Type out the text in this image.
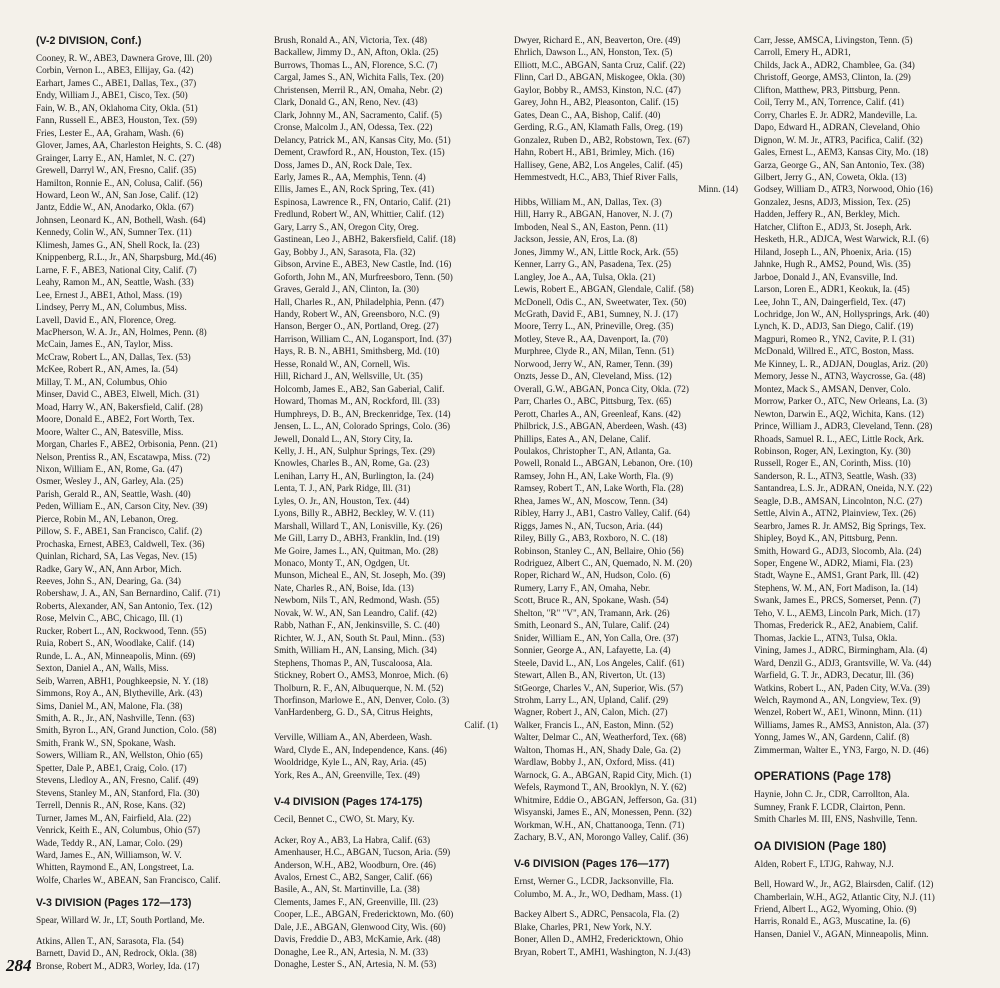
(V-2 DIVISION, Conf.)
Cooney, R. W., ABE3, Dawnera Grove, Ill. (20)
Corbin, Vernon L., ABE3, Ellijay, Ga. (42)
Earhart, James C., ABE1, Dallas, Tex., (37)
Endy, William J., ABE1, Cisco, Tex. (50)
Fain, W. B., AN, Oklahoma City, Okla. (51)
Fann, Russell E., ABE3, Houston, Tex. (59)
Fries, Lester E., AA, Graham, Wash. (6)
Glover, James, AA, Charleston Heights, S. C. (48)
Grainger, Larry E., AN, Hamlet, N. C. (27)
Grewell, Darryl W., AN, Fresno, Calif. (35)
Hamilton, Ronnie E., AN, Colusa, Calif. (56)
Howard, Leon W., AN, San Jose, Calif. (12)
Jantz, Eddie W., AN, Anodarko, Okla. (67)
Johnsen, Leonard K., AN, Bothell, Wash. (64)
Kennedy, Colin W., AN, Sumner Tex. (11)
Klimesh, James G., AN, Shell Rock, Ia. (23)
Knippenberg, R.L., Jr., AN, Sharpsburg, Md.(46)
Larne, F. F., ABE3, National City, Calif. (7)
Leahy, Ramon M., AN, Seattle, Wash. (33)
Lee, Ernest J., ABE1, Athol, Mass. (19)
Lindsey, Perry M., AN, Columbus, Miss.
Lavell, David E., AN, Florence, Oreg.
MacPherson, W. A. Jr., AN, Holmes, Penn. (8)
McCain, James E., AN, Taylor, Miss.
McCraw, Robert L., AN, Dallas, Tex. (53)
McKee, Robert R., AN, Ames, Ia. (54)
Millay, T. M., AN, Columbus, Ohio
Minser, David C., ABE3, Elwell, Mich. (31)
Moad, Harry W., AN, Bakersfield, Calif. (28)
Moore, Donald E., ABE2, Fort Worth, Tex.
Moore, Walter C., AN, Batesville, Miss.
Morgan, Charles F., ABE2, Orbisonia, Penn. (21)
Nelson, Prentiss R., AN, Escatawpa, Miss. (72)
Nixon, William E., AN, Rome, Ga. (47)
Osmer, Wesley J., AN, Garley, Ala. (25)
Parish, Gerald R., AN, Seattle, Wash. (40)
Peden, William E., AN, Carson City, Nev. (39)
Pierce, Robin M., AN, Lebanon, Oreg.
Pillow, S. F., ABE1, San Francisco, Calif. (2)
Prochaska, Ernest, ABE3, Caldwell, Tex. (36)
Quinlan, Richard, SA, Las Vegas, Nev. (15)
Radke, Gary W., AN, Ann Arbor, Mich.
Reeves, John S., AN, Dearing, Ga. (34)
Robershaw, J. A., AN, San Bernardino, Calif. (71)
Roberts, Alexander, AN, San Antonio, Tex. (12)
Rose, Melvin C., ABC, Chicago, Ill. (1)
Rucker, Robert L., AN, Rockwood, Tenn. (55)
Ruia, Robert S., AN, Woodlake, Calif. (14)
Runde, L. A., AN, Minneapolis, Minn. (69)
Sexton, Daniel A., AN, Walls, Miss.
Seib, Warren, ABH1, Poughkeepsie, N. Y. (18)
Simmons, Roy A., AN, Blytheville, Ark. (43)
Sims, Daniel M., AN, Malone, Fla. (38)
Smith, A. R., Jr., AN, Nashville, Tenn. (63)
Smith, Byron L., AN, Grand Junction, Colo. (58)
Smith, Frank W., SN, Spokane, Wash.
Sowers, William R., AN, Wellston, Ohio (65)
Spetter, Dale P., ABE1, Craig, Colo. (17)
Stevens, Lledloy A., AN, Fresno, Calif. (49)
Stevens, Stanley M., AN, Stanford, Fla. (30)
Terrell, Dennis R., AN, Rose, Kans. (32)
Turner, James M., AN, Fairfield, Ala. (22)
Venrick, Keith E., AN, Columbus, Ohio (57)
Wade, Teddy R., AN, Lamar, Colo. (29)
Ward, James E., AN, Williamson, W. V.
Whitten, Raymond E., AN, Longstreet, La.
Wolfe, Charles W., ABEAN, San Francisco, Calif.
V-3 DIVISION (Pages 172—173)
Spear, Willard W. Jr., LT, South Portland, Me.
Atkins, Allen T., AN, Sarasota, Fla. (54)
Barnett, David D., AN, Redrock, Okla. (38)
Bronse, Robert M., ADR3, Worley, Ida. (17)
Brush, Ronald A., AN, Victoria, Tex. (48)
Backallew, Jimmy D., AN, Afton, Okla. (25)
Burrows, Thomas L., AN, Florence, S.C. (7)
Cargal, James S., AN, Wichita Falls, Tex. (20)
Christensen, Merril R., AN, Omaha, Nebr. (2)
Clark, Donald G., AN, Reno, Nev. (43)
Clark, Johnny M., AN, Sacramento, Calif. (5)
Cronse, Malcolm J., AN, Odessa, Tex. (22)
Delancy, Patrick M., AN, Kansas City, Mo. (51)
Dement, Crawford R., AN, Houston, Tex. (15)
Doss, James D., AN, Rock Dale, Tex.
Early, James R., AA, Memphis, Tenn. (4)
Ellis, James E., AN, Rock Spring, Tex. (41)
Espinosa, Lawrence R., FN, Ontario, Calif. (21)
Fredlund, Robert W., AN, Whittier, Calif. (12)
Gary, Larry S., AN, Oregon City, Oreg.
Gastinean, Leo J., ABH2, Bakersfield, Calif. (18)
Gay, Bobby J., AN, Sarasota, Fla. (32)
Gibson, Arvine E., ABE3, New Castle, Ind. (16)
Goforth, John M., AN, Murfreesboro, Tenn. (50)
Graves, Gerald J., AN, Clinton, Ia. (30)
Hall, Charles R., AN, Philadelphia, Penn. (47)
Handy, Robert W., AN, Greensboro, N.C. (9)
Hanson, Berger O., AN, Portland, Oreg. (27)
Harrison, William C., AN, Logansport, Ind. (37)
Hays, R. B. N., ABH1, Smithsberg, Md. (10)
Hesse, Ronald W., AN, Cornell, Wis.
Hill, Richard J., AN, Wellsville, Ut. (35)
Holcomb, James E., AB2, San Gaberial, Calif.
Howard, Thomas M., AN, Rockford, Ill. (33)
Humphreys, D. B., AN, Breckenridge, Tex. (14)
Jensen, L. L., AN, Colorado Springs, Colo. (36)
Jewell, Donald L., AN, Story City, Ia.
Kelly, J. H., AN, Sulphur Springs, Tex. (29)
Knowles, Charles B., AN, Rome, Ga. (23)
Lenihan, Larry H., AN, Burlington, Ia. (24)
Lenta, T. J., AN, Park Ridge, Ill. (31)
Lyles, O. Jr., AN, Houston, Tex. (44)
Lyons, Billy R., ABH2, Beckley, W. V. (11)
Marshall, Willard T., AN, Lonisville, Ky. (26)
Me Gill, Larry D., ABH3, Franklin, Ind. (19)
Me Goire, James L., AN, Quitman, Mo. (28)
Monaco, Monty T., AN, Ogdgen, Ut.
Munson, Micheal E., AN, St. Joseph, Mo. (39)
Nate, Charles R., AN, Boise, Ida. (13)
Newbom, Nils T., AN, Redmond, Wash. (55)
Novak, W. W., AN, San Leandro, Calif. (42)
Rabb, Nathan F., AN, Jenkinsville, S. C. (40)
Richter, W. J., AN, South St. Paul, Minn.. (53)
Smith, William H., AN, Lansing, Mich. (34)
Stephens, Thomas P., AN, Tuscaloosa, Ala.
Stickney, Robert O., AMS3, Monroe, Mich. (6)
Tholburn, R. F., AN, Albuquerque, N. M. (52)
Thorfinson, Marlowe E., AN, Denver, Colo. (3)
VanHardenberg, G. D., SA, Citrus Heights,
Calif. (1)
Verville, William A., AN, Aberdeen, Wash.
Ward, Clyde E., AN, Independence, Kans. (46)
Wooldridge, Kyle L., AN, Ray, Aria. (45)
York, Res A., AN, Greenville, Tex. (49)
V-4 DIVISION (Pages 174-175)
Cecil, Bennet C., CWO, St. Mary, Ky.
Acker, Roy A., AB3, La Habra, Calif. (63)
Amenhauser, H.C., ABGAN, Tucson, Aria. (59)
Anderson, W.H., AB2, Woodburn, Ore. (46)
Avalos, Ernest C., AB2, Sanger, Calif. (66)
Basile, A., AN, St. Martinville, La. (38)
Clements, James F., AN, Greenville, Ill. (23)
Cooper, L.E., ABGAN, Fredericktown, Mo. (60)
Dale, J.E., ABGAN, Glenwood City, Wis. (60)
Davis, Freddie D., AB3, McKamie, Ark. (48)
Donaghe, Lee R., AN, Artesia, N. M. (33)
Donaghe, Lester S., AN, Artesia, N. M. (53)
Dwyer, Richard E., AN, Beaverton, Ore. (49)
Ehrlich, Dawson L., AN, Honston, Tex. (5)
Elliott, M.C., ABGAN, Santa Cruz, Calif. (22)
Flinn, Carl D., ABGAN, Miskogee, Okla. (30)
Gaylor, Bobby R., AMS3, Kinston, N.C. (47)
Garey, John H., AB2, Pleasonton, Calif. (15)
Gates, Dean C., AA, Bishop, Calif. (40)
Gerding, R.G., AN, Klamath Falls, Oreg. (19)
Gonzalez, Ruben D., AB2, Robstown, Tex. (67)
Hahn, Robert H., AB1, Brimley, Mich. (16)
Hallisey, Gene, AB2, Los Angeles, Calif. (45)
Hemmestvedt, H.C., AB3, Thief River Falls,
Minn. (14)
Hibbs, William M., AN, Dallas, Tex. (3)
Hill, Harry R., ABGAN, Hanover, N. J. (7)
Imboden, Neal S., AN, Easton, Penn. (11)
Jackson, Jessie, AN, Eros, La. (8)
Jones, Jimmy W., AN, Little Rock, Ark. (55)
Kenner, Larry G., AN, Pasadena, Tex. (25)
Langley, Joe A., AA, Tulsa, Okla. (21)
Lewis, Robert E., ABGAN, Glendale, Calif. (58)
McDonell, Odis C., AN, Sweetwater, Tex. (50)
McGrath, David F., AB1, Sumney, N. J. (17)
Moore, Terry L., AN, Prineville, Oreg. (35)
Motley, Steve R., AA, Davenport, Ia. (70)
Murphree, Clyde R., AN, Milan, Tenn. (51)
Norwood, Jerry W., AN, Ramer, Tenn. (39)
Onzts, Jesse D., AN, Cleveland, Miss. (12)
Overall, G.W., ABGAN, Ponca City, Okla. (72)
Parr, Charles O., ABC, Pittsburg, Tex. (65)
Perott, Charles A., AN, Greenleaf, Kans. (42)
Philbrick, J.S., ABGAN, Aberdeen, Wash. (43)
Phillips, Eates A., AN, Delane, Calif.
Poulakos, Christopher T., AN, Atlanta, Ga.
Powell, Ronald L., ABGAN, Lebanon, Ore. (10)
Ramsey, John H., AN, Lake Worth, Fla. (9)
Ramsey, Robert T., AN, Lake Worth, Fla. (28)
Rhea, James W., AN, Moscow, Tenn. (34)
Ribley, Harry J., AB1, Castro Valley, Calif. (64)
Riggs, James N., AN, Tucson, Aria. (44)
Riley, Billy G., AB3, Roxboro, N. C. (18)
Robinson, Stanley C., AN, Bellaire, Ohio (56)
Rodriguez, Albert C., AN, Quemado, N. M. (20)
Roper, Richard W., AN, Hudson, Colo. (6)
Rumery, Larry F., AN, Omaha, Nebr.
Scott, Bruce R., AN, Spokane, Wash. (54)
Shelton, "R" "V", AN, Tramann, Ark. (26)
Smith, Leonard S., AN, Tulare, Calif. (24)
Snider, William E., AN, Yon Calla, Ore. (37)
Sonnier, George A., AN, Lafayette, La. (4)
Steele, David L., AN, Los Angeles, Calif. (61)
Stewart, Allen B., AN, Riverton, Ut. (13)
StGeorge, Charles V., AN, Superior, Wis. (57)
Strohm, Larry L., AN, Upland, Calif. (29)
Wagner, Robert J., AN, Calon, Mich. (27)
Walker, Francis L., AN, Easton, Minn. (52)
Walter, Delmar C., AN, Weatherford, Tex. (68)
Walton, Thomas H., AN, Shady Dale, Ga. (2)
Wardlaw, Bobby J., AN, Oxford, Miss. (41)
Warnock, G. A., ABGAN, Rapid City, Mich. (1)
Wefels, Raymond T., AN, Brooklyn, N. Y. (62)
Whitmire, Eddie O., ABGAN, Jefferson, Ga. (31)
Wisyanski, James E., AN, Monessen, Penn. (32)
Workman, W.H., AN, Chattanooga, Tenn. (71)
Zachary, B.V., AN, Morongo Valley, Calif. (36)
V-6 DIVISION (Pages 176—177)
Ernst, Werner G., LCDR, Jacksonville, Fla.
Columbo, M. A., Jr., WO, Dedham, Mass. (1)
Backey Albert S., ADRC, Pensacola, Fla. (2)
Blake, Charles, PR1, New York, N.Y.
Boner, Allen D., AMH2, Fredericktown, Ohio
Bryan, Robert T., AMH1, Washington, N. J.(43)
Carr, Jesse, AMSCA, Livingston, Tenn. (5)
Carroll, Emery H., ADR1,
Childs, Jack A., ADR2, Chamblee, Ga. (34)
Christoff, George, AMS3, Clinton, Ia. (29)
Clifton, Matthew, PR3, Pittsburg, Penn.
Coil, Terry M., AN, Torrence, Calif. (41)
Corry, Charles E. Jr. ADR2, Mandeville, La.
Dapo, Edward H., ADRAN, Cleveland, Ohio
Dignon, W. M. Jr., ATR3, Pacifica, Calif. (32)
Gales, Ernest L., AEM3, Kansas City, Mo. (18)
Garza, George G., AN, San Antonio, Tex. (38)
Gilbert, Jerry G., AN, Coweta, Okla. (13)
Godsey, William D., ATR3, Norwood, Ohio (16)
Gonzalez, Jesns, ADJ3, Mission, Tex. (25)
Hadden, Jeffery R., AN, Berkley, Mich.
Hatcher, Clifton E., ADJ3, St. Joseph, Ark.
Hesketh, H.R., ADJCA, West Warwick, R.I. (6)
Hiland, Joseph L., AN, Phoenix, Aria. (15)
Jahnke, Hugh R., AMS2, Pound, Wis. (35)
Jarboe, Donald J., AN, Evansville, Ind.
Larson, Loren E., ADR1, Keokuk, Ia. (45)
Lee, John T., AN, Daingerfield, Tex. (47)
Lochridge, Jon W., AN, Hollysprings, Ark. (40)
Lynch, K. D., ADJ3, San Diego, Calif. (19)
Magpuri, Romeo R., YN2, Cavite, P. I. (31)
McDonald, Willred E., ATC, Boston, Mass.
Me Kinney, L. R., ADJAN, Douglas, Ariz. (20)
Memory, Jesse N., ATN3, Waycrosse, Ga. (48)
Montez, Mack S., AMSAN, Denver, Colo.
Morrow, Parker O., ATC, New Orleans, La. (3)
Newton, Darwin E., AQ2, Wichita, Kans. (12)
Prince, William J., ADR3, Cleveland, Tenn. (28)
Rhoads, Samuel R. L., AEC, Little Rock, Ark.
Robinson, Roger, AN, Lexington, Ky. (30)
Russell, Roger E., AN, Corinth, Miss. (10)
Sanderson, R. L., ATN3, Seattle, Wash. (33)
Santandrea, L.S. Jr., ADRAN, Oneida, N.Y. (22)
Seagle, D.B., AMSAN, Lincolnton, N.C. (27)
Settle, Alvin A., ATN2, Plainview, Tex. (26)
Searbro, James R. Jr. AMS2, Big Springs, Tex.
Shipley, Boyd K., AN, Pittsburg, Penn.
Smith, Howard G., ADJ3, Slocomb, Ala. (24)
Soper, Engene W., ADR2, Miami, Fla. (23)
Stadt, Wayne E., AMS1, Grant Park, Ill. (42)
Stephens, W. M., AN, Fort Madison, Ia. (14)
Swank, James E., PRCS, Somerset, Penn. (7)
Teho, V. L., AEM3, Lincoln Park, Mich. (17)
Thomas, Frederick R., AE2, Anabiem, Calif.
Thomas, Jackie L., ATN3, Tulsa, Okla.
Vining, James J., ADRC, Birmingham, Ala. (4)
Ward, Denzil G., ADJ3, Grantsville, W. Va. (44)
Warfield, G. T. Jr., ADR3, Decatur, Ill. (36)
Watkins, Robert L., AN, Paden City, W.Va. (39)
Welch, Raymond A., AN, Longview, Tex. (9)
Wenzel, Robert W., AE1, Winonn, Minn. (11)
Williams, James R., AMS3, Anniston, Ala. (37)
Yonng, James W., AN, Gardenn, Calif. (8)
Zimmerman, Walter E., YN3, Fargo, N. D. (46)
OPERATIONS (Page 178)
Haynie, John C. Jr., CDR, Carrollton, Ala.
Sumney, Frank F. LCDR, Clairton, Penn.
Smith Charles M. III, ENS, Nashville, Tenn.
OA DIVISION (Page 180)
Alden, Robert F., LTJG, Rahway, N.J.
Bell, Howard W., Jr., AG2, Blairsden, Calif. (12)
Chamberlain, W.H., AG2, Atlantic City, N.J. (11)
Friend, Albert L., AG2, Wyoming, Ohio. (9)
Harris, Ronald E., AG3, Muscatine, Ia. (6)
Hansen, Daniel V., AGAN, Minneapolis, Minn.
284
